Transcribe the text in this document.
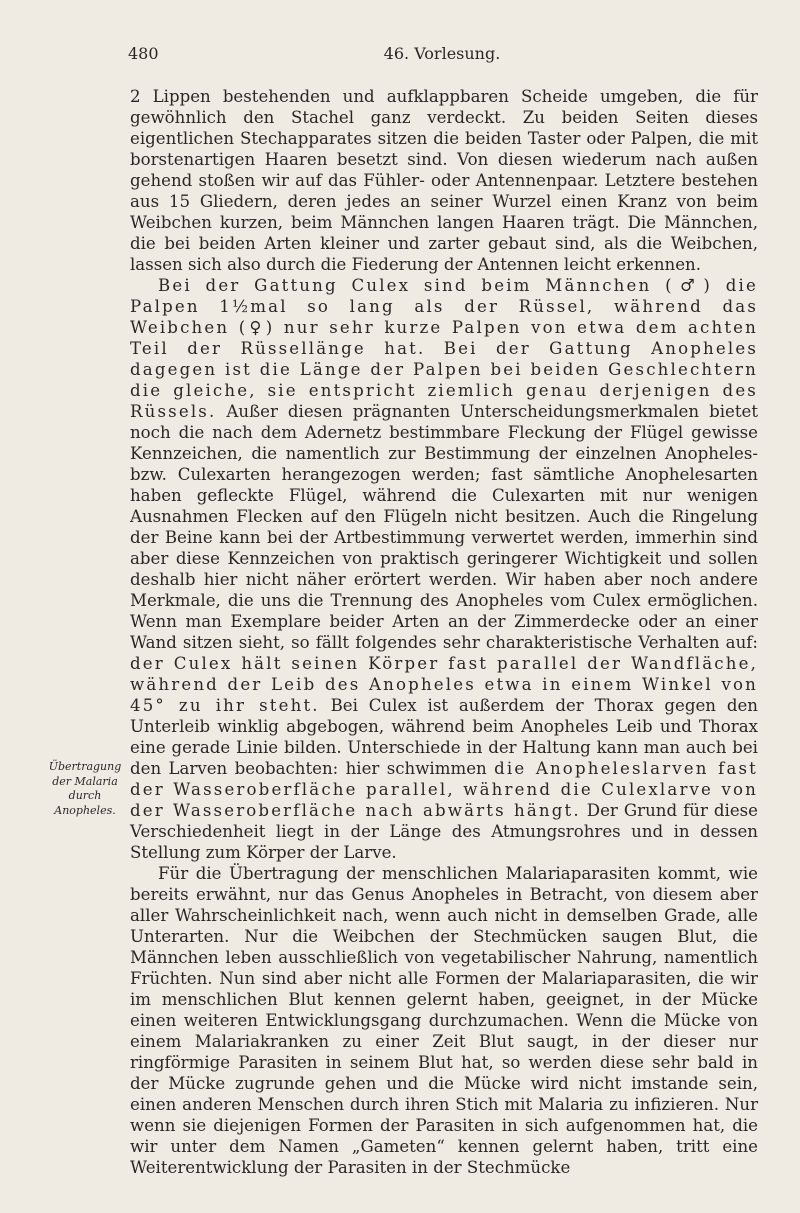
480	46. Vorlesung.
Übertragung
der Malaria
durch
Anopheles.

2 Lippen bestehenden und aufklappbaren Scheide umgeben, die für gewöhnlich den Stachel ganz verdeckt. Zu beiden Seiten dieses eigentlichen Stechapparates sitzen die beiden Taster oder Palpen, die mit borstenartigen Haaren besetzt sind. Von diesen wiederum nach außen gehend stoßen wir auf das Fühler- oder Antennenpaar. Letztere bestehen aus 15 Gliedern, deren jedes an seiner Wurzel einen Kranz von beim Weibchen kurzen, beim Männchen langen Haaren trägt. Die Männchen, die bei beiden Arten kleiner und zarter gebaut sind, als die Weibchen, lassen sich also durch die Fiederung der Antennen leicht erkennen.

Bei der Gattung Culex sind beim Männchen (♂) die Palpen 1½mal so lang als der Rüssel, während das Weibchen (♀) nur sehr kurze Palpen von etwa dem achten Teil der Rüssellänge hat. Bei der Gattung Anopheles dagegen ist die Länge der Palpen bei beiden Geschlechtern die gleiche, sie entspricht ziemlich genau derjenigen des Rüssels. Außer diesen prägnanten Unterscheidungsmerkmalen bietet noch die nach dem Adernetz bestimmbare Fleckung der Flügel gewisse Kennzeichen, die namentlich zur Bestimmung der einzelnen Anopheles- bzw. Culexarten herangezogen werden; fast sämtliche Anophelesarten haben gefleckte Flügel, während die Culexarten mit nur wenigen Ausnahmen Flecken auf den Flügeln nicht besitzen. Auch die Ringelung der Beine kann bei der Artbestimmung verwertet werden, immerhin sind aber diese Kennzeichen von praktisch geringerer Wichtigkeit und sollen deshalb hier nicht näher erörtert werden. Wir haben aber noch andere Merkmale, die uns die Trennung des Anopheles vom Culex ermöglichen. Wenn man Exemplare beider Arten an der Zimmerdecke oder an einer Wand sitzen sieht, so fällt folgendes sehr charakteristische Verhalten auf: der Culex hält seinen Körper fast parallel der Wandfläche, während der Leib des Anopheles etwa in einem Winkel von 45° zu ihr steht. Bei Culex ist außerdem der Thorax gegen den Unterleib winklig abgebogen, während beim Anopheles Leib und Thorax eine gerade Linie bilden. Unterschiede in der Haltung kann man auch bei den Larven beobachten: hier schwimmen die Anopheleslarven fast der Wasseroberfläche parallel, während die Culexlarve von der Wasseroberfläche nach abwärts hängt. Der Grund für diese Verschiedenheit liegt in der Länge des Atmungsrohres und in dessen Stellung zum Körper der Larve.

Für die Übertragung der menschlichen Malariaparasiten kommt, wie bereits erwähnt, nur das Genus Anopheles in Betracht, von diesem aber aller Wahrscheinlichkeit nach, wenn auch nicht in demselben Grade, alle Unterarten. Nur die Weibchen der Stechmücken saugen Blut, die Männchen leben ausschließlich von vegetabilischer Nahrung, namentlich Früchten. Nun sind aber nicht alle Formen der Malariaparasiten, die wir im menschlichen Blut kennen gelernt haben, geeignet, in der Mücke einen weiteren Entwicklungsgang durchzumachen. Wenn die Mücke von einem Malariakranken zu einer Zeit Blut saugt, in der dieser nur ringförmige Parasiten in seinem Blut hat, so werden diese sehr bald in der Mücke zugrunde gehen und die Mücke wird nicht imstande sein, einen anderen Menschen durch ihren Stich mit Malaria zu infizieren. Nur wenn sie diejenigen Formen der Parasiten in sich aufgenommen hat, die wir unter dem Namen „Gameten“ kennen gelernt haben, tritt eine Weiterentwicklung der Parasiten in der Stechmücke
